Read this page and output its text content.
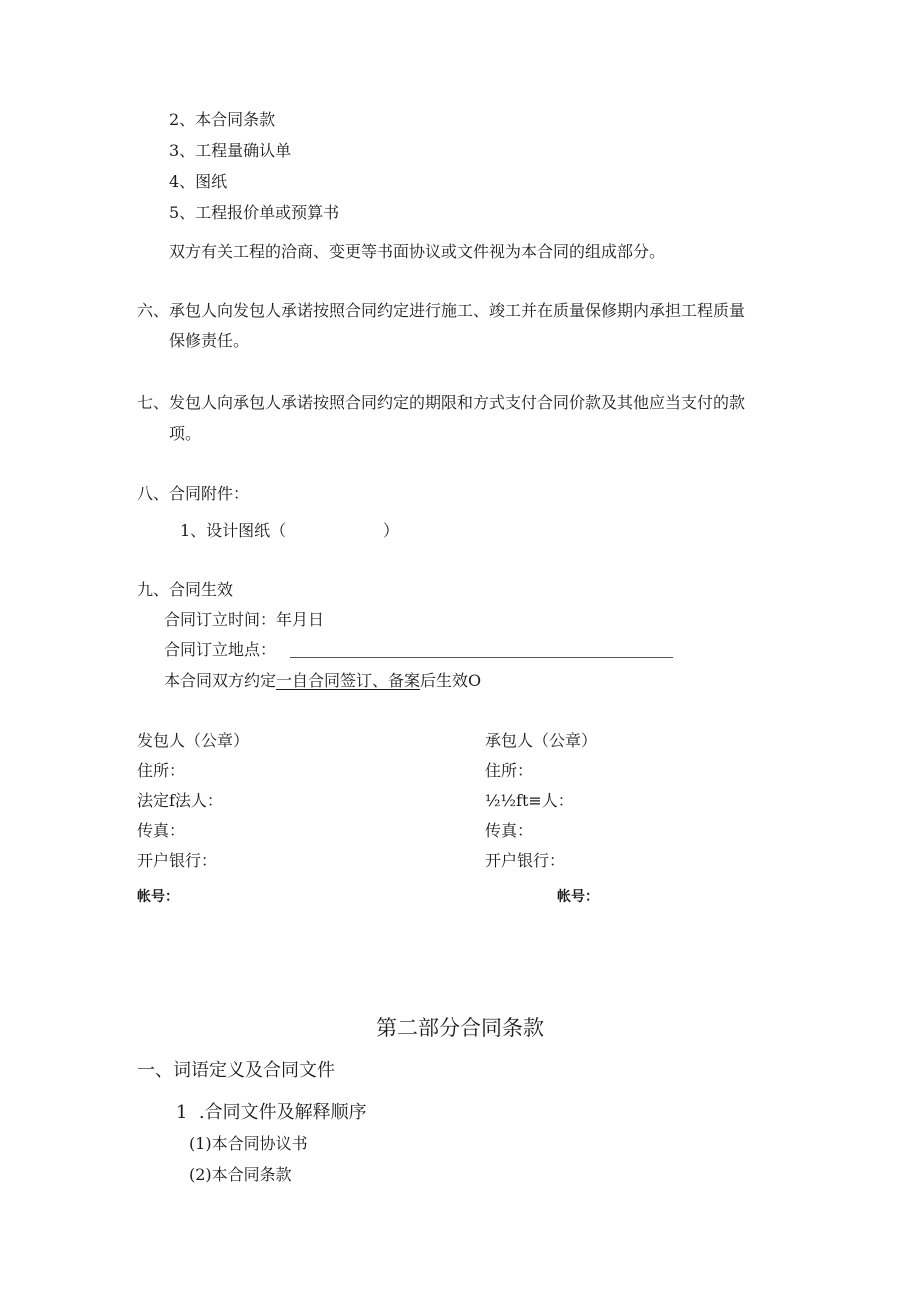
2、本合同条款
3、工程量确认单
4、图纸
5、工程报价单或预算书
双方有关工程的洽商、变更等书面协议或文件视为本合同的组成部分。
六、承包人向发包人承诺按照合同约定进行施工、竣工并在质量保修期内承担工程质量
保修责任。
七、发包人向承包人承诺按照合同约定的期限和方式支付合同价款及其他应当支付的款
项。
八、合同附件：
1、设计图纸（	）
九、合同生效
合同订立时间：年月日
合同订立地点：
本合同双方约定一自合同签订、备案后生效O
发包人（公章）
住所：
法定f法人：
传真：
开户银行：
帐号：
承包人（公章）
住所：
½½ft≡人：
传真：
开户银行：
帐号：
第二部分合同条款
一、词语定义及合同文件
1  .合同文件及解释顺序
(1)本合同协议书
(2)本合同条款
